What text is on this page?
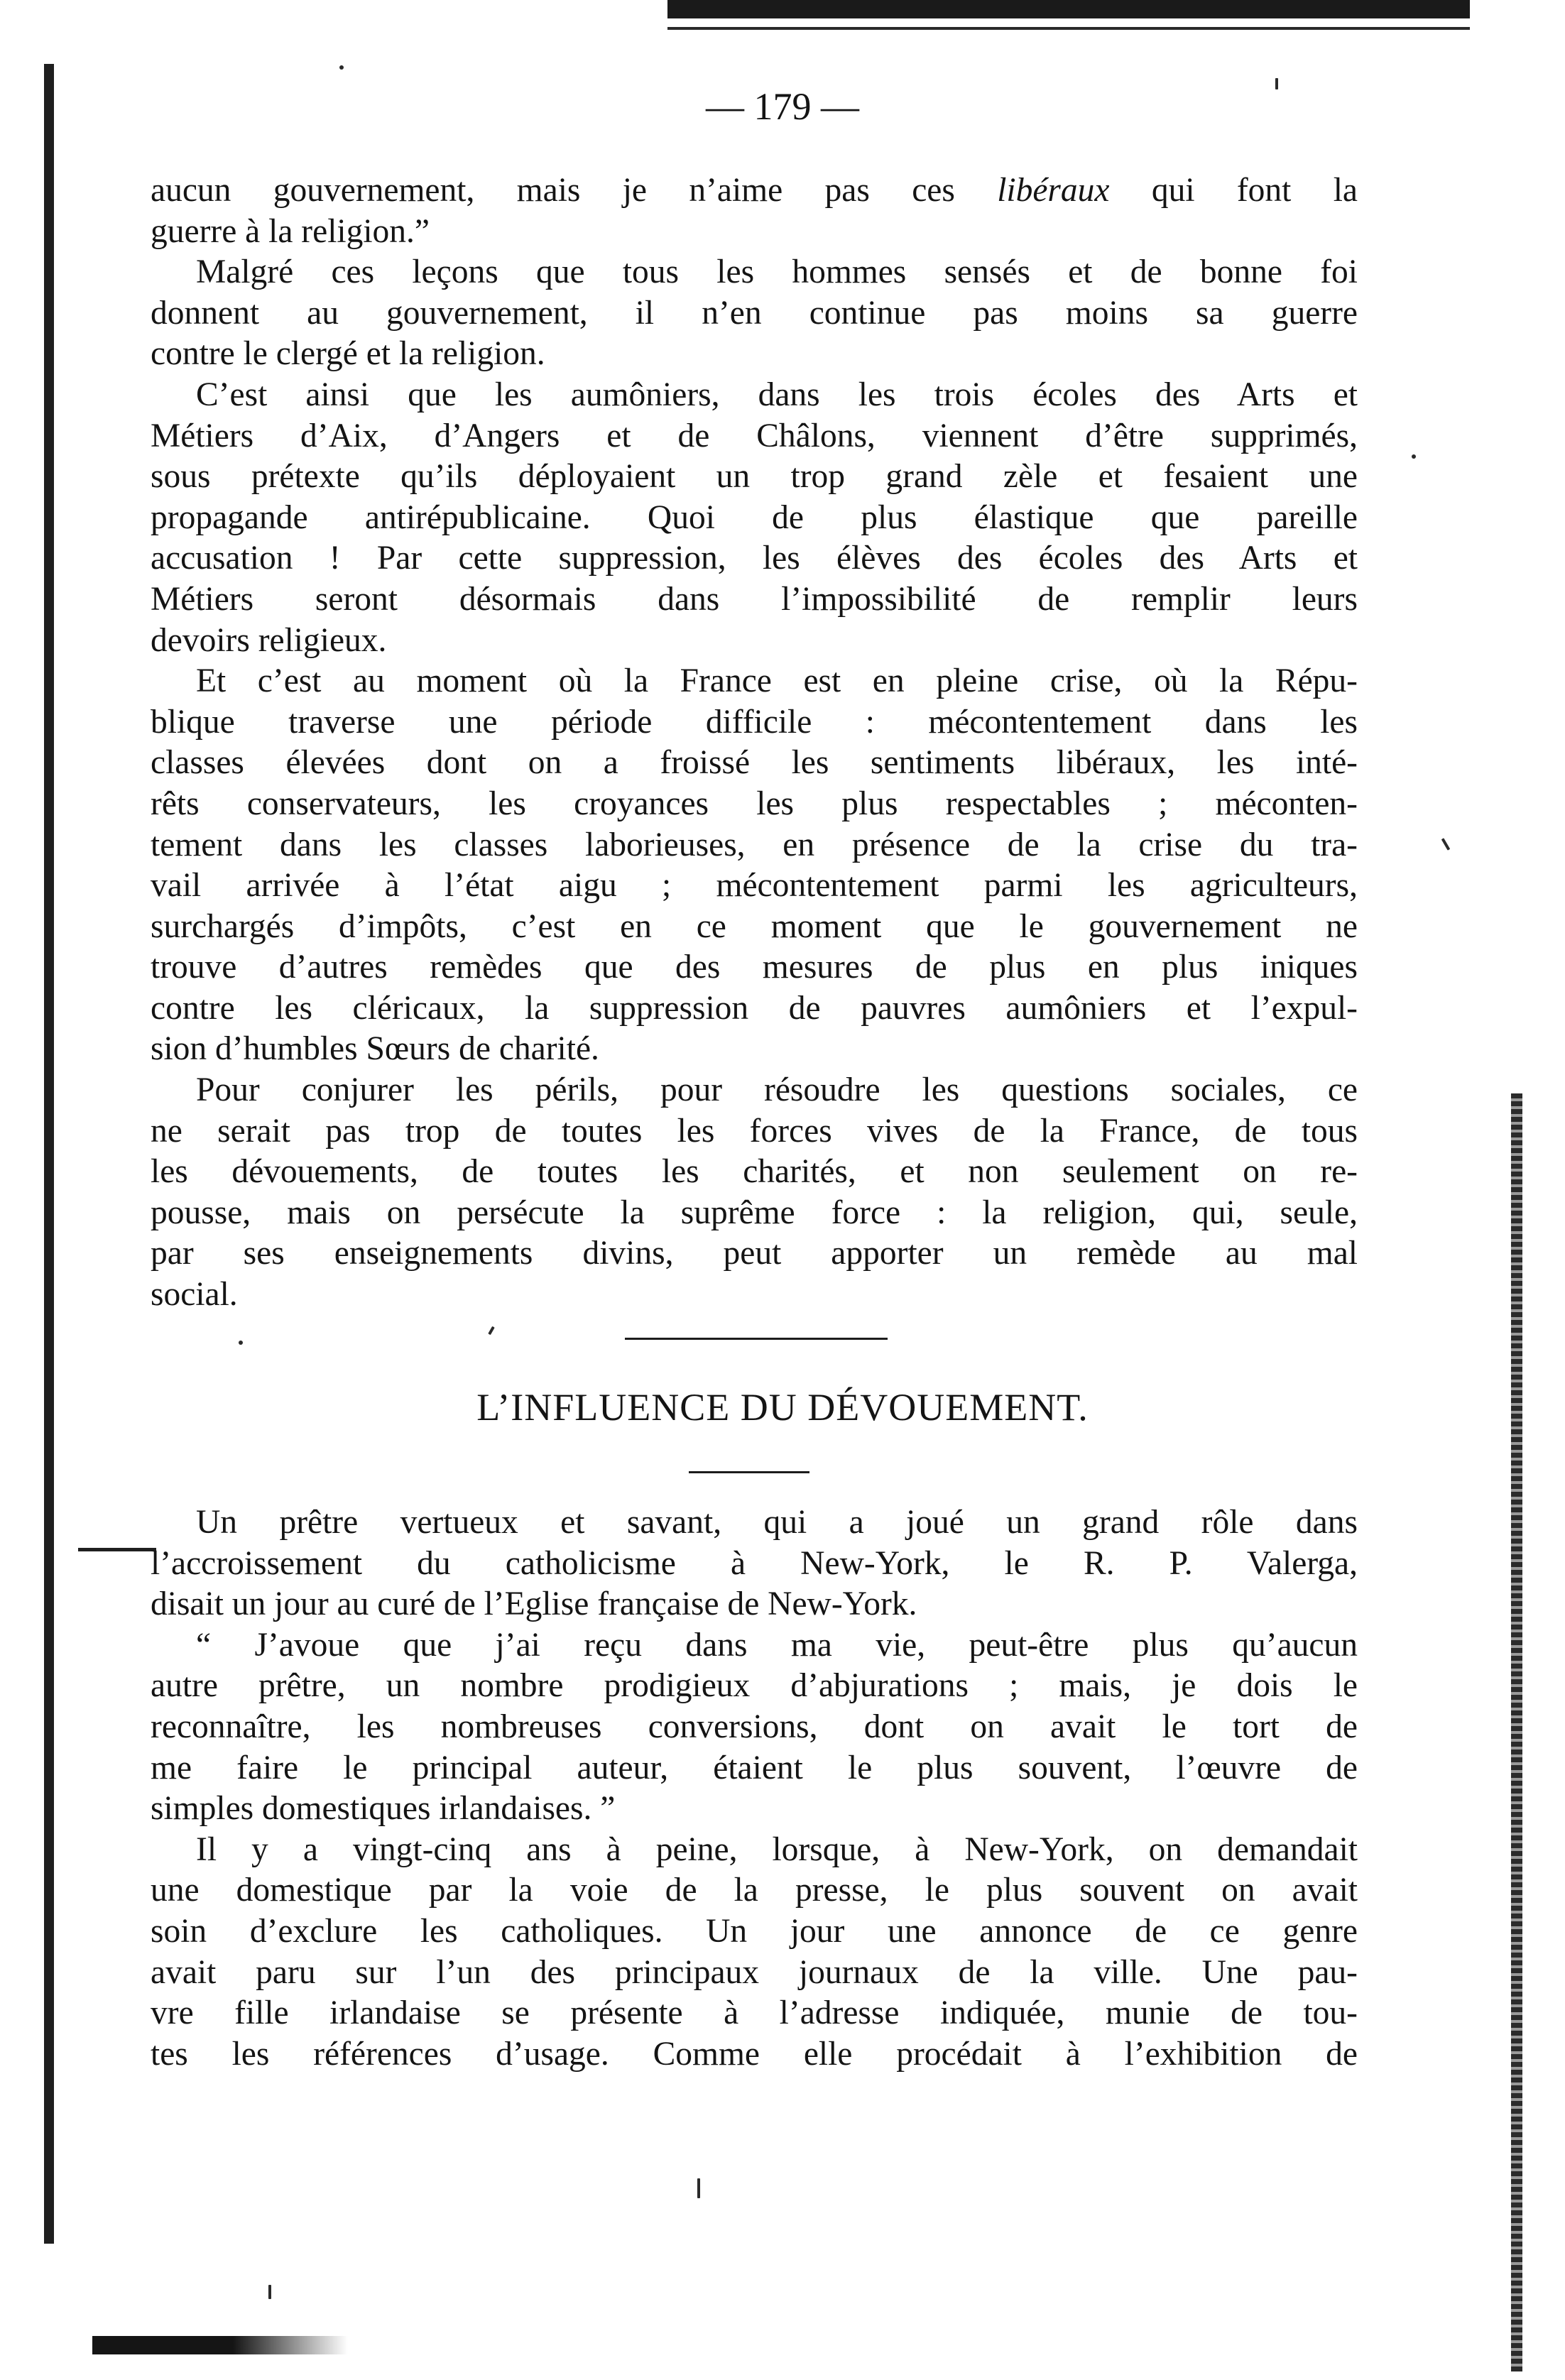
— 179 —
aucun gouvernement, mais je n’aime pas ces libéraux qui font la
guerre à la religion.”
Malgré ces leçons que tous les hommes sensés et de bonne foi
donnent au gouvernement, il n’en continue pas moins sa guerre
contre le clergé et la religion.
C’est ainsi que les aumôniers, dans les trois écoles des Arts et
Métiers d’Aix, d’Angers et de Châlons, viennent d’être supprimés,
sous prétexte qu’ils déployaient un trop grand zèle et fesaient une
propagande antirépublicaine. Quoi de plus élastique que pareille
accusation ! Par cette suppression, les élèves des écoles des Arts et
Métiers seront désormais dans l’impossibilité de remplir leurs
devoirs religieux.
Et c’est au moment où la France est en pleine crise, où la Répu-
blique traverse une période difficile : mécontentement dans les
classes élevées dont on a froissé les sentiments libéraux, les inté-
rêts conservateurs, les croyances les plus respectables ; méconten-
tement dans les classes laborieuses, en présence de la crise du tra-
vail arrivée à l’état aigu ; mécontentement parmi les agriculteurs,
surchargés d’impôts, c’est en ce moment que le gouvernement ne
trouve d’autres remèdes que des mesures de plus en plus iniques
contre les cléricaux, la suppression de pauvres aumôniers et l’expul-
sion d’humbles Sœurs de charité.
Pour conjurer les périls, pour résoudre les questions sociales, ce
ne serait pas trop de toutes les forces vives de la France, de tous
les dévouements, de toutes les charités, et non seulement on re-
pousse, mais on persécute la suprême force : la religion, qui, seule,
par ses enseignements divins, peut apporter un remède au mal
social.
L’INFLUENCE DU DÉVOUEMENT.
Un prêtre vertueux et savant, qui a joué un grand rôle dans
l’accroissement du catholicisme à New-York, le R. P. Valerga,
disait un jour au curé de l’Eglise française de New-York.
“ J’avoue que j’ai reçu dans ma vie, peut-être plus qu’aucun
autre prêtre, un nombre prodigieux d’abjurations ; mais, je dois le
reconnaître, les nombreuses conversions, dont on avait le tort de
me faire le principal auteur, étaient le plus souvent, l’œuvre de
simples domestiques irlandaises. ”
Il y a vingt-cinq ans à peine, lorsque, à New-York, on demandait
une domestique par la voie de la presse, le plus souvent on avait
soin d’exclure les catholiques. Un jour une annonce de ce genre
avait paru sur l’un des principaux journaux de la ville. Une pau-
vre fille irlandaise se présente à l’adresse indiquée, munie de tou-
tes les références d’usage. Comme elle procédait à l’exhibition de
